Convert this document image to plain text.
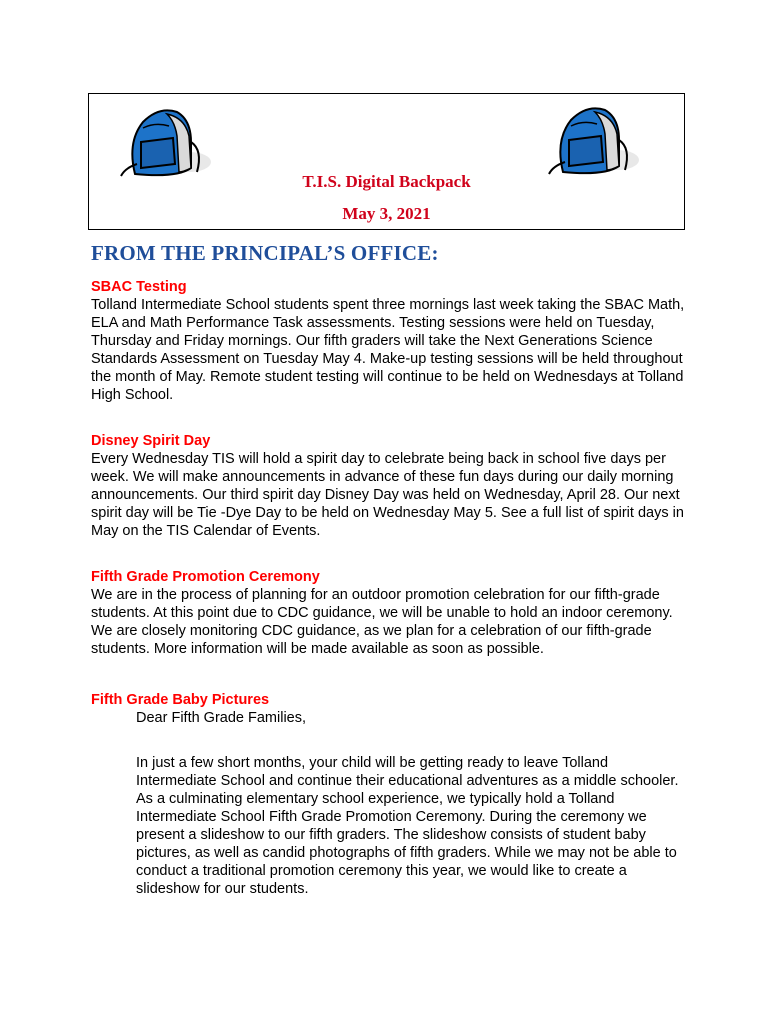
T.I.S. Digital Backpack
May 3, 2021
FROM THE PRINCIPAL’S OFFICE:
SBAC Testing

Tolland Intermediate School students spent three mornings last week taking the SBAC Math, ELA and Math Performance Task assessments. Testing sessions were held on Tuesday, Thursday and Friday mornings. Our fifth graders will take the Next Generations Science Standards Assessment on Tuesday May 4. Make-up testing sessions will be held throughout the month of May. Remote student testing will continue to be held on Wednesdays at Tolland High School.

Disney Spirit Day

Every Wednesday TIS will hold a spirit day to celebrate being back in school five days per week. We will make announcements in advance of these fun days during our daily morning announcements. Our third spirit day Disney Day was held on Wednesday, April 28. Our next spirit day will be Tie -Dye Day to be held on Wednesday May 5. See a full list of spirit days in May on the TIS Calendar of Events.

Fifth Grade Promotion Ceremony

We are in the process of planning for an outdoor promotion celebration for our fifth-grade students. At this point due to CDC guidance, we will be unable to hold an indoor ceremony. We are closely monitoring CDC guidance, as we plan for a celebration of our fifth-grade students. More information will be made available as soon as possible.

Fifth Grade Baby Pictures

Dear Fifth Grade Families,

In just a few short months, your child will be getting ready to leave Tolland Intermediate School and continue their educational adventures as a middle schooler. As a culminating elementary school experience, we typically hold a Tolland Intermediate School Fifth Grade Promotion Ceremony. During the ceremony we present a slideshow to our fifth graders. The slideshow consists of student baby pictures, as well as candid photographs of fifth graders. While we may not be able to conduct a traditional promotion ceremony this year, we would like to create a slideshow for our students.
